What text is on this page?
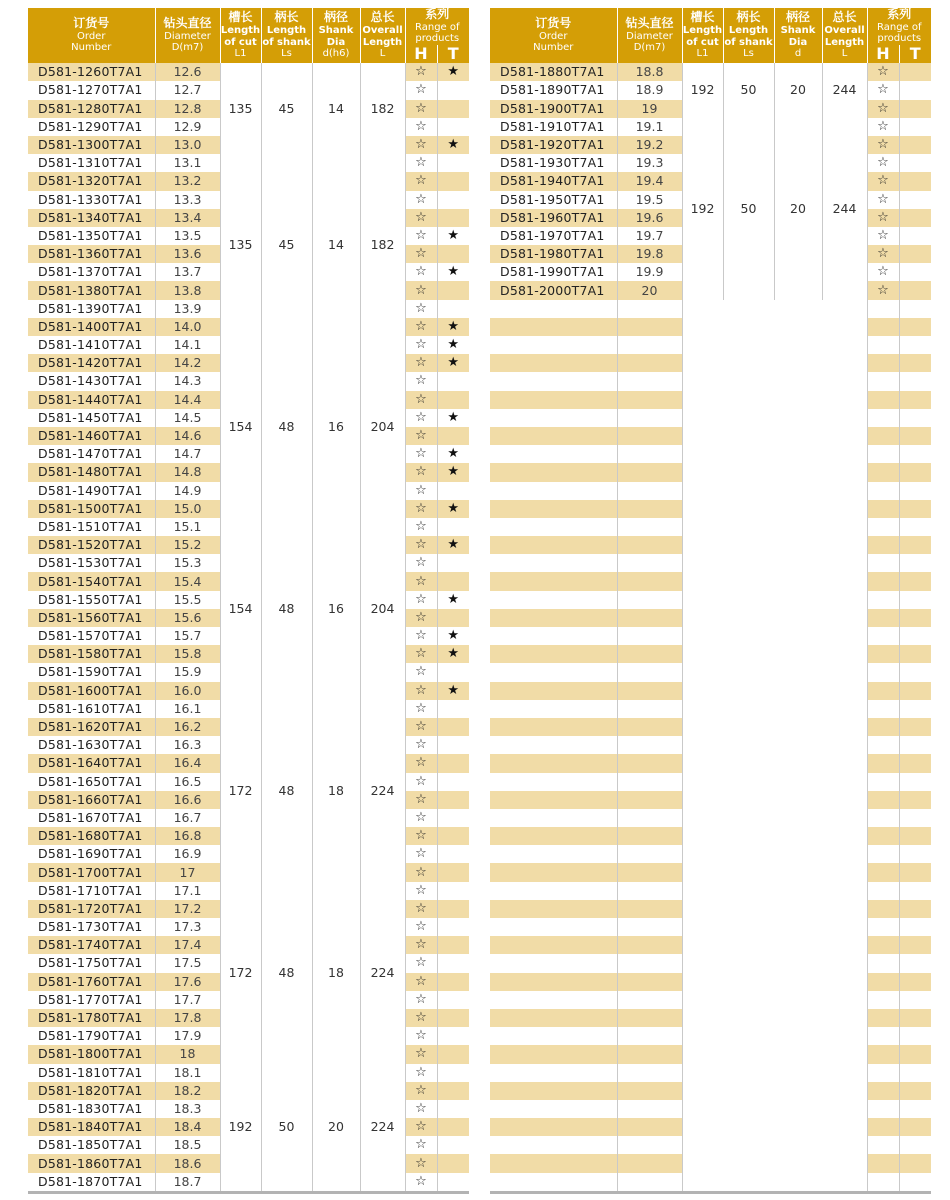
订货号
Order
Number	钻头直径
Diameter
D(m7)	槽长
Length
of cut
L1	柄长
Length
of shank
Ls	柄径
Shank
Dia
d(h6)	总长
Overall
Length
L	系列
Range of
products	

						H	T
D581-1260T7A1	12.6	135	45	14	182	☆	★
D581-1270T7A1	12.7					☆	
D581-1280T7A1	12.8					☆	
D581-1290T7A1	12.9					☆	
D581-1300T7A1	13.0					☆	★
D581-1310T7A1	13.1	135	45	14	182	☆	
D581-1320T7A1	13.2					☆	
D581-1330T7A1	13.3					☆	
D581-1340T7A1	13.4					☆	
D581-1350T7A1	13.5					☆	★
D581-1360T7A1	13.6					☆	
D581-1370T7A1	13.7					☆	★
D581-1380T7A1	13.8					☆	
D581-1390T7A1	13.9					☆	
D581-1400T7A1	14.0					☆	★
D581-1410T7A1	14.1	154	48	16	204	☆	★
D581-1420T7A1	14.2					☆	★
D581-1430T7A1	14.3					☆	
D581-1440T7A1	14.4					☆	
D581-1450T7A1	14.5					☆	★
D581-1460T7A1	14.6					☆	
D581-1470T7A1	14.7					☆	★
D581-1480T7A1	14.8					☆	★
D581-1490T7A1	14.9					☆	
D581-1500T7A1	15.0					☆	★
D581-1510T7A1	15.1	154	48	16	204	☆	
D581-1520T7A1	15.2					☆	★
D581-1530T7A1	15.3					☆	
D581-1540T7A1	15.4					☆	
D581-1550T7A1	15.5					☆	★
D581-1560T7A1	15.6					☆	
D581-1570T7A1	15.7					☆	★
D581-1580T7A1	15.8					☆	★
D581-1590T7A1	15.9					☆	
D581-1600T7A1	16.0					☆	★
D581-1610T7A1	16.1	172	48	18	224	☆	
D581-1620T7A1	16.2					☆	
D581-1630T7A1	16.3					☆	
D581-1640T7A1	16.4					☆	
D581-1650T7A1	16.5					☆	
D581-1660T7A1	16.6					☆	
D581-1670T7A1	16.7					☆	
D581-1680T7A1	16.8					☆	
D581-1690T7A1	16.9					☆	
D581-1700T7A1	17					☆	
D581-1710T7A1	17.1	172	48	18	224	☆	
D581-1720T7A1	17.2					☆	
D581-1730T7A1	17.3					☆	
D581-1740T7A1	17.4					☆	
D581-1750T7A1	17.5					☆	
D581-1760T7A1	17.6					☆	
D581-1770T7A1	17.7					☆	
D581-1780T7A1	17.8					☆	
D581-1790T7A1	17.9					☆	
D581-1800T7A1	18					☆	
D581-1810T7A1	18.1	192	50	20	224	☆	
D581-1820T7A1	18.2					☆	
D581-1830T7A1	18.3					☆	
D581-1840T7A1	18.4					☆	
D581-1850T7A1	18.5					☆	
D581-1860T7A1	18.6					☆	
D581-1870T7A1	18.7					☆	
订货号
Order
Number	钻头直径
Diameter
D(m7)	槽长
Length
of cut
L1	柄长
Length
of shank
Ls	柄径
Shank
Dia
d	总长
Overall
Length
L	系列
Range of
products	

						H	T
D581-1880T7A1	18.8	192	50	20	244	☆	
D581-1890T7A1	18.9					☆	
D581-1900T7A1	19					☆	
D581-1910T7A1	19.1	192	50	20	244	☆	
D581-1920T7A1	19.2					☆	
D581-1930T7A1	19.3					☆	
D581-1940T7A1	19.4					☆	
D581-1950T7A1	19.5					☆	
D581-1960T7A1	19.6					☆	
D581-1970T7A1	19.7					☆	
D581-1980T7A1	19.8					☆	
D581-1990T7A1	19.9					☆	
D581-2000T7A1	20					☆	
